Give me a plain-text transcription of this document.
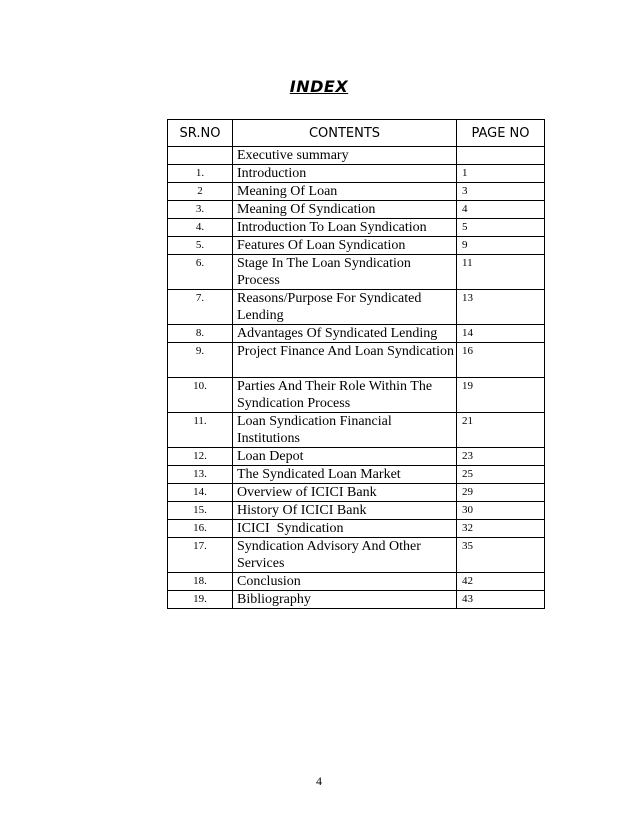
INDEX
SR.NO	CONTENTS	PAGE NO
	Executive summary	
1.	Introduction	1
2	Meaning Of Loan	3
3.	Meaning Of Syndication	4
4.	Introduction To Loan Syndication	5
5.	Features Of Loan Syndication	9
6.	Stage In The Loan Syndication Process	11
7.	Reasons/Purpose For Syndicated Lending	13
8.	Advantages Of Syndicated Lending	14
9.	Project Finance And Loan Syndication	16
10.	Parties And Their Role Within The Syndication Process	19
11.	Loan Syndication Financial Institutions	21
12.	Loan Depot	23
13.	The Syndicated Loan Market	25
14.	Overview of ICICI Bank	29
15.	History Of ICICI Bank	30
16.	ICICI  Syndication	32
17.	Syndication Advisory And Other Services	35
18.	Conclusion	42
19.	Bibliography	43
4
